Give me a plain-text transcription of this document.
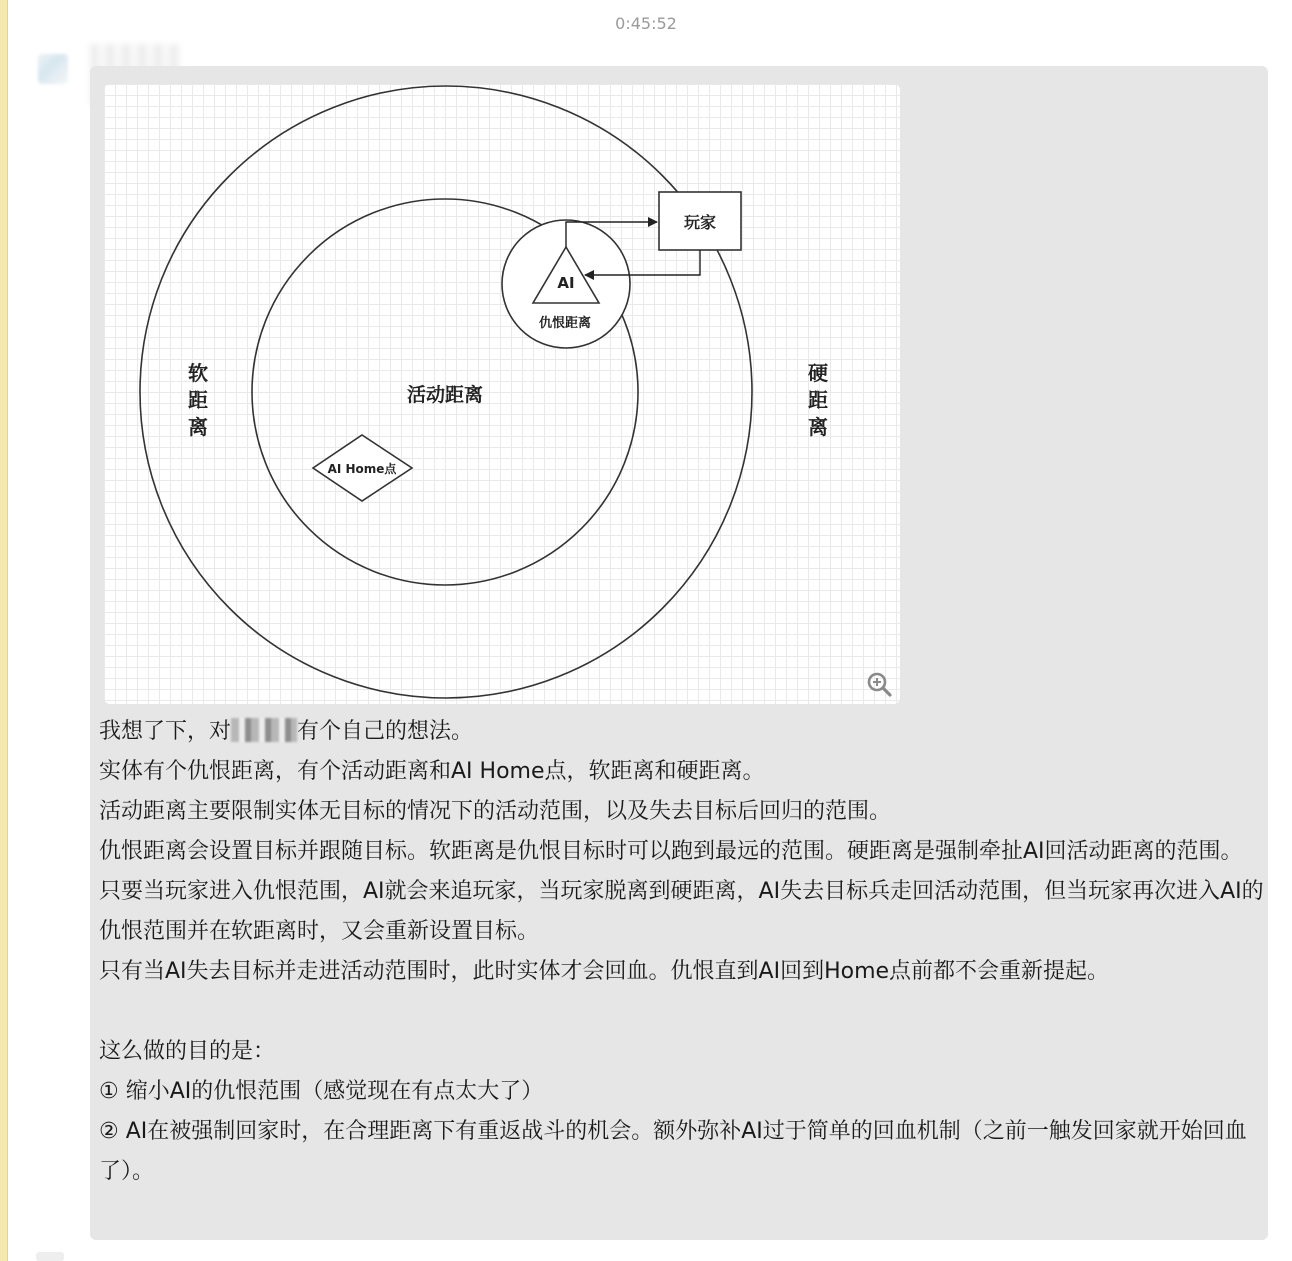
0:45:52
玩家
AI
仇恨距离
活动距离
AI Home点
软
距
离
硬
距
离
我想了下，对	有个自己的想法。
实体有个仇恨距离，有个活动距离和AI Home点，软距离和硬距离。
活动距离主要限制实体无目标的情况下的活动范围，以及失去目标后回归的范围。
仇恨距离会设置目标并跟随目标。软距离是仇恨目标时可以跑到最远的范围。硬距离是强制牵扯AI回活动距离的范围。
只要当玩家进入仇恨范围，AI就会来追玩家，当玩家脱离到硬距离，AI失去目标兵走回活动范围，但当玩家再次进入AI的仇恨范围并在软距离时，又会重新设置目标。
只有当AI失去目标并走进活动范围时，此时实体才会回血。仇恨直到AI回到Home点前都不会重新提起。
这么做的目的是：
① 缩小AI的仇恨范围（感觉现在有点太大了）
② AI在被强制回家时，在合理距离下有重返战斗的机会。额外弥补AI过于简单的回血机制（之前一触发回家就开始回血了）。
